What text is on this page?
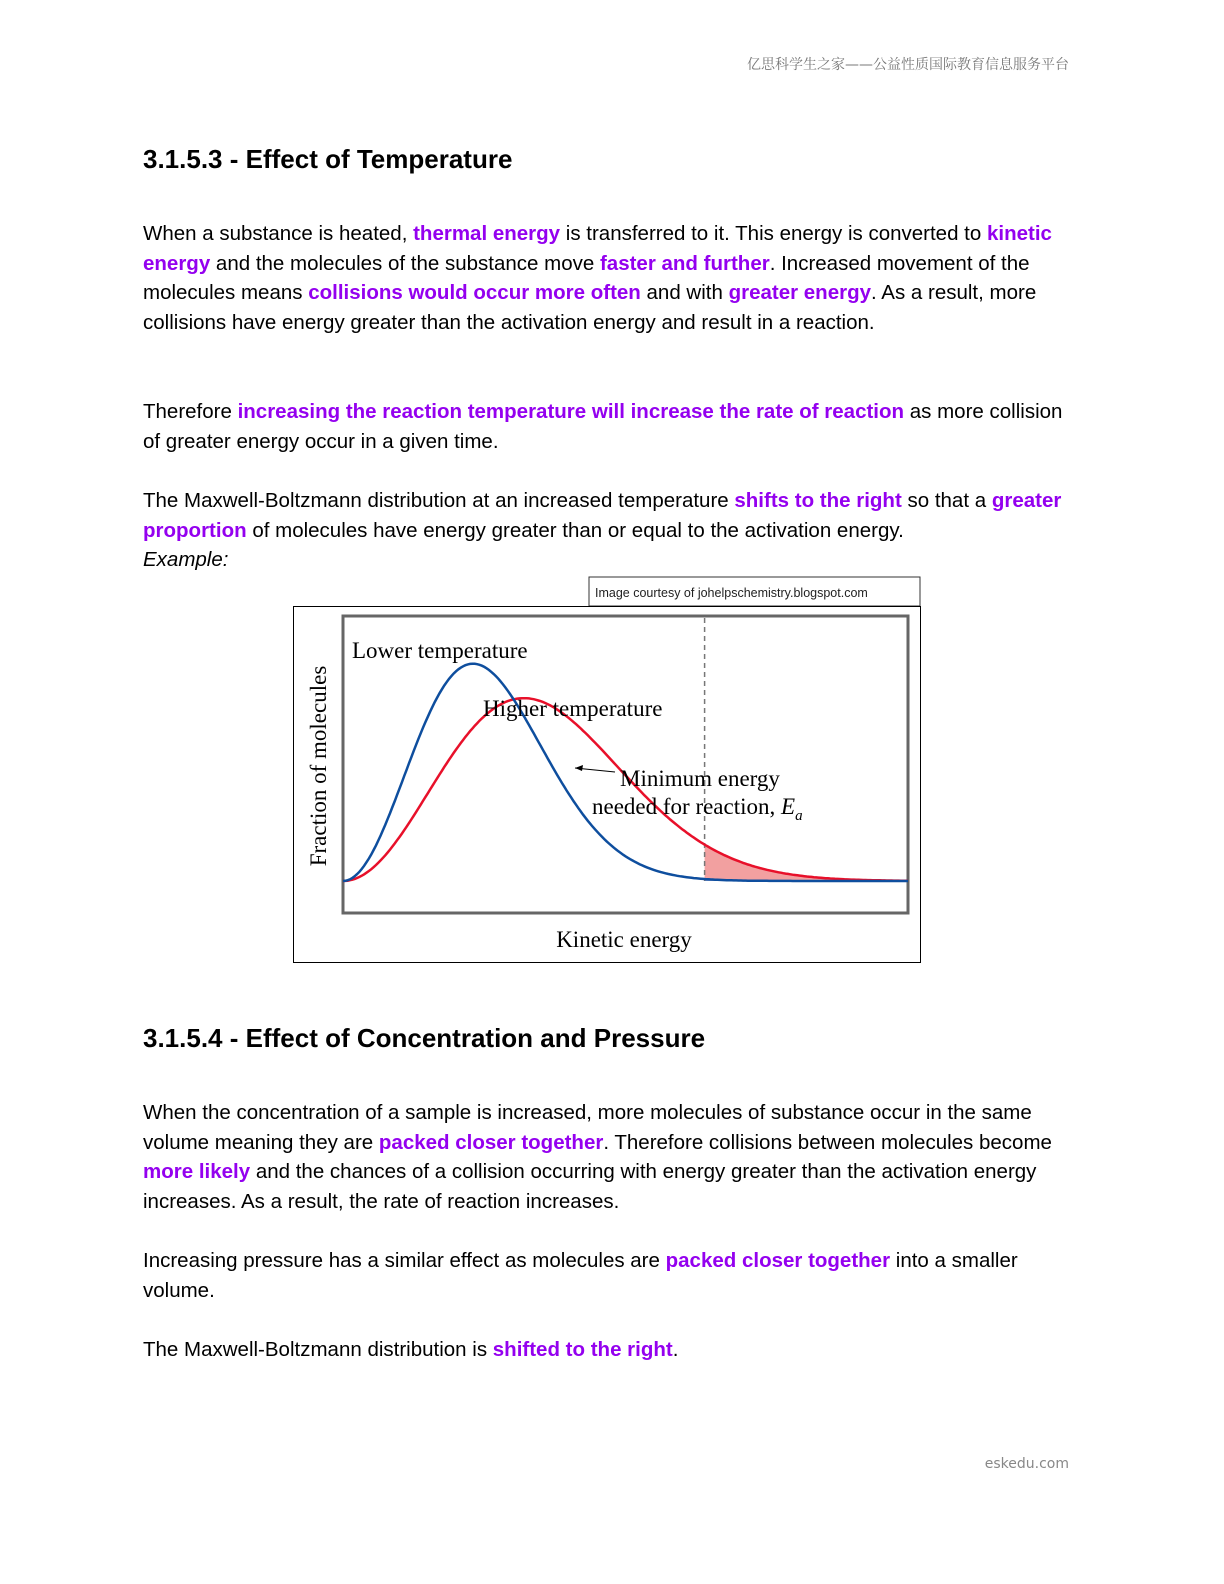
亿思科学生之家——公益性质国际教育信息服务平台
3.1.5.3 - Effect of Temperature

When a substance is heated, thermal energy is transferred to it. This energy is converted to kinetic energy and the molecules of the substance move faster and further. Increased movement of the molecules means collisions would occur more often and with greater energy. As a result, more collisions have energy greater than the activation energy and result in a reaction.

Therefore increasing the reaction temperature will increase the rate of reaction as more collision of greater energy occur in a given time.

The Maxwell-Boltzmann distribution at an increased temperature shifts to the right so that a greater proportion of molecules have energy greater than or equal to the activation energy.
Example:

3.1.5.4 - Effect of Concentration and Pressure

When the concentration of a sample is increased, more molecules of substance occur in the same volume meaning they are packed closer together. Therefore collisions between molecules become more likely and the chances of a collision occurring with energy greater than the activation energy increases. As a result, the rate of reaction increases.

Increasing pressure has a similar effect as molecules are packed closer together into a smaller volume.

The Maxwell-Boltzmann distribution is shifted to the right.

Image courtesy of johelpschemistry.blogspot.com
Lower temperature
Higher temperature
Minimum energy
needed for reaction, $E_a$
Fraction of molecules
Kinetic energy
eskedu.com
